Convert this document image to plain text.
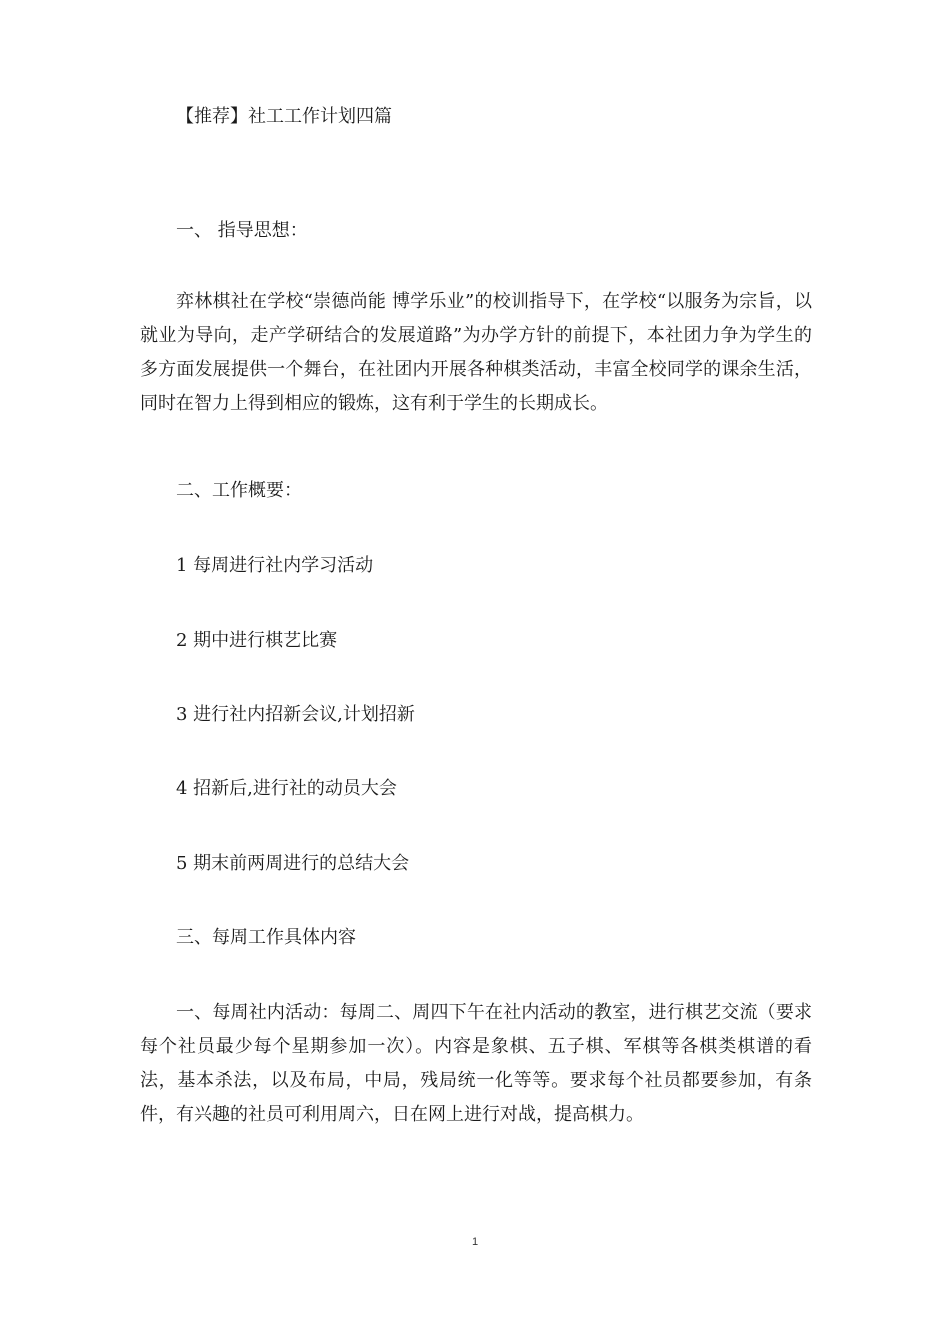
【推荐】社工工作计划四篇

一、 指导思想：

弈林棋社在学校“崇德尚能 博学乐业”的校训指导下，在学校“以服务为宗旨，以就业为导向，走产学研结合的发展道路”为办学方针的前提下，本社团力争为学生的多方面发展提供一个舞台，在社团内开展各种棋类活动，丰富全校同学的课余生活，同时在智力上得到相应的锻炼，这有利于学生的长期成长。

二、工作概要：

1 每周进行社内学习活动

2 期中进行棋艺比赛

3 进行社内招新会议,计划招新

4 招新后,进行社的动员大会

5 期末前两周进行的总结大会

三、每周工作具体内容

一、每周社内活动：每周二、周四下午在社内活动的教室，进行棋艺交流（要求每个社员最少每个星期参加一次）。内容是象棋、五子棋、军棋等各棋类棋谱的看法，基本杀法，以及布局，中局，残局统一化等等。要求每个社员都要参加，有条件，有兴趣的社员可利用周六，日在网上进行对战，提高棋力。

1
